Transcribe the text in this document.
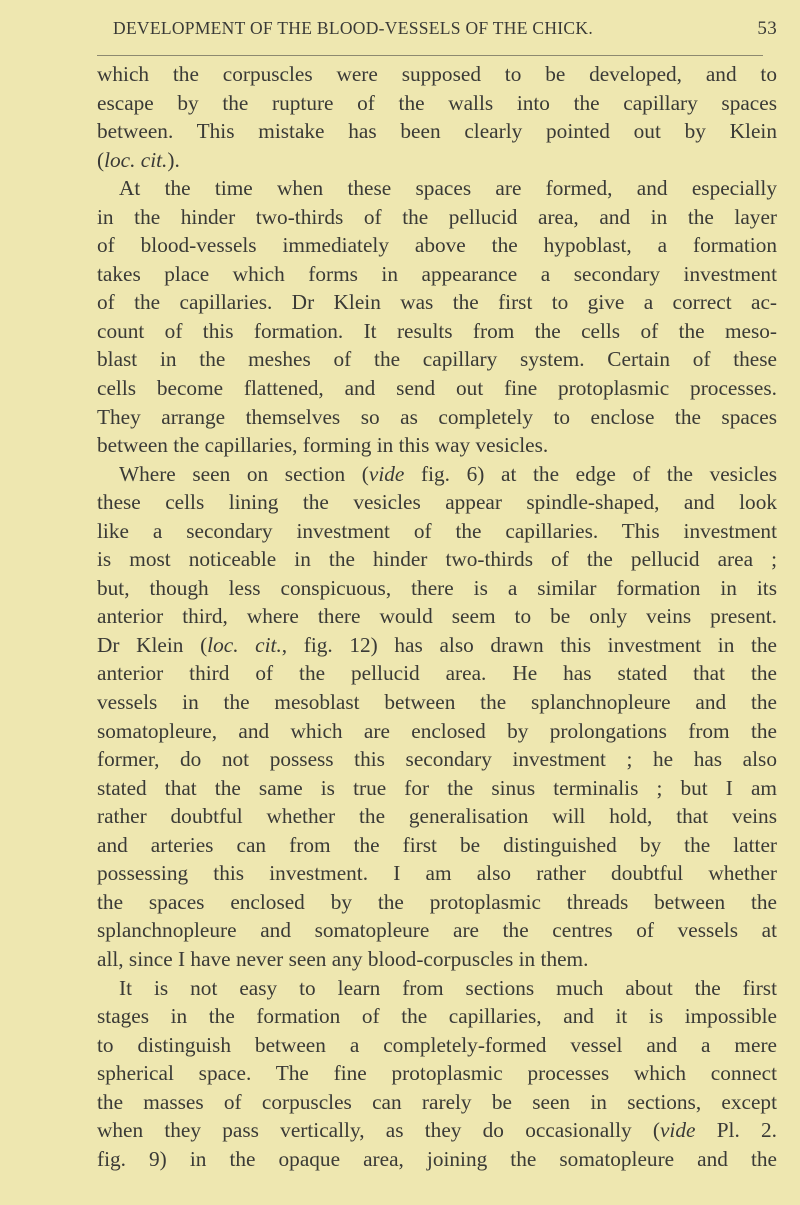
DEVELOPMENT OF THE BLOOD-VESSELS OF THE CHICK.	53
which the corpuscles were supposed to be developed, and to
escape by the rupture of the walls into the capillary spaces
between. This mistake has been clearly pointed out by Klein
(loc. cit.).
At the time when these spaces are formed, and especially
in the hinder two-thirds of the pellucid area, and in the layer
of blood-vessels immediately above the hypoblast, a formation
takes place which forms in appearance a secondary investment
of the capillaries. Dr Klein was the first to give a correct ac-
count of this formation. It results from the cells of the meso-
blast in the meshes of the capillary system. Certain of these
cells become flattened, and send out fine protoplasmic processes.
They arrange themselves so as completely to enclose the spaces
between the capillaries, forming in this way vesicles.
Where seen on section (vide fig. 6) at the edge of the vesicles
these cells lining the vesicles appear spindle-shaped, and look
like a secondary investment of the capillaries. This investment
is most noticeable in the hinder two-thirds of the pellucid area ;
but, though less conspicuous, there is a similar formation in its
anterior third, where there would seem to be only veins present.
Dr Klein (loc. cit., fig. 12) has also drawn this investment in the
anterior third of the pellucid area. He has stated that the
vessels in the mesoblast between the splanchnopleure and the
somatopleure, and which are enclosed by prolongations from the
former, do not possess this secondary investment ; he has also
stated that the same is true for the sinus terminalis ; but I am
rather doubtful whether the generalisation will hold, that veins
and arteries can from the first be distinguished by the latter
possessing this investment. I am also rather doubtful whether
the spaces enclosed by the protoplasmic threads between the
splanchnopleure and somatopleure are the centres of vessels at
all, since I have never seen any blood-corpuscles in them.
It is not easy to learn from sections much about the first
stages in the formation of the capillaries, and it is impossible
to distinguish between a completely-formed vessel and a mere
spherical space. The fine protoplasmic processes which connect
the masses of corpuscles can rarely be seen in sections, except
when they pass vertically, as they do occasionally (vide Pl. 2.
fig. 9) in the opaque area, joining the somatopleure and the
